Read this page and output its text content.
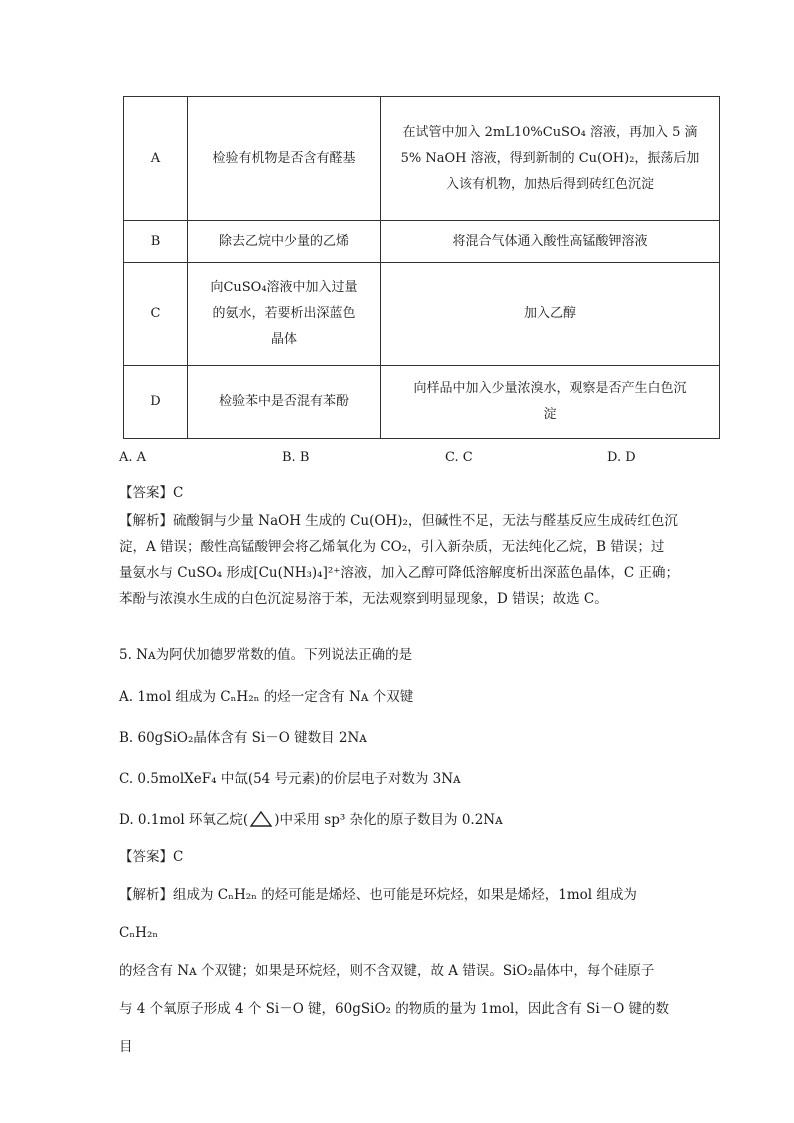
A	检验有机物是否含有醛基	在试管中加入 2mL10%CuSO₄ 溶液，再加入 5 滴
5% NaOH 溶液，得到新制的 Cu(OH)₂，振荡后加
入该有机物，加热后得到砖红色沉淀

B	除去乙烷中少量的乙烯	将混合气体通入酸性高锰酸钾溶液

C	向CuSO₄溶液中加入过量
的氨水，若要析出深蓝色
晶体	加入乙醇

D	检验苯中是否混有苯酚	向样品中加入少量浓溴水，观察是否产生白色沉
淀
A. A	B. B	C. C	D. D
【答案】C
【解析】硫酸铜与少量 NaOH 生成的 Cu(OH)₂，但碱性不足，无法与醛基反应生成砖红色沉
淀，A 错误；酸性高锰酸钾会将乙烯氧化为 CO₂，引入新杂质，无法纯化乙烷，B 错误；过
量氨水与 CuSO₄ 形成[Cu(NH₃)₄]²⁺溶液，加入乙醇可降低溶解度析出深蓝色晶体，C 正确；
苯酚与浓溴水生成的白色沉淀易溶于苯，无法观察到明显现象，D 错误；故选 C。
5. Nᴀ为阿伏加德罗常数的值。下列说法正确的是
A. 1mol 组成为 CₙH₂ₙ 的烃一定含有 Nᴀ 个双键
B. 60gSiO₂晶体含有 Si－O 键数目 2Nᴀ
C. 0.5molXeF₄ 中氙(54 号元素)的价层电子对数为 3Nᴀ
D. 0.1mol 环氧乙烷( )中采用 sp³ 杂化的原子数目为 0.2Nᴀ
【答案】C
【解析】组成为 CₙH₂ₙ 的烃可能是烯烃、也可能是环烷烃，如果是烯烃，1mol 组成为 CₙH₂ₙ
的烃含有 Nᴀ 个双键；如果是环烷烃，则不含双键，故 A 错误。SiO₂晶体中，每个硅原子
与 4 个氧原子形成 4 个 Si－O 键，60gSiO₂ 的物质的量为 1mol，因此含有 Si－O 键的数目
